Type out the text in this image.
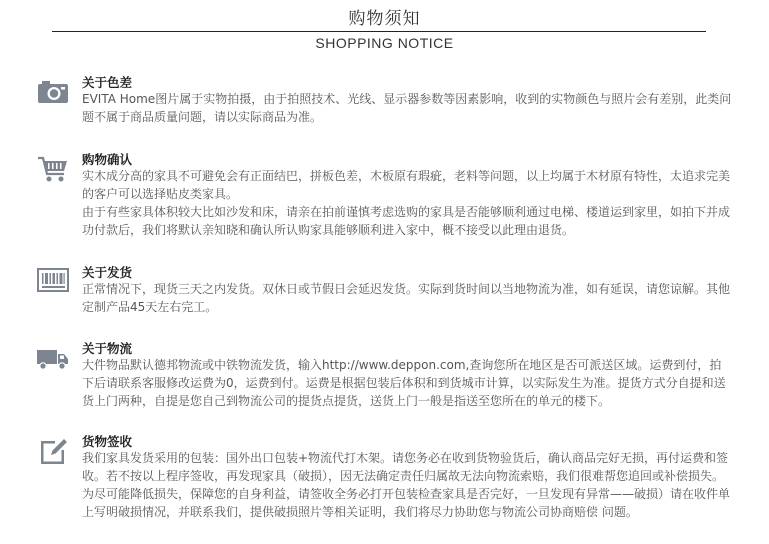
购物须知
SHOPPING NOTICE
关于色差

EVITA Home图片属于实物拍摄，由于拍照技术、光线、显示器参数等因素影响，收到的实物颜色与照片会有差别，此类问题不属于商品质量问题，请以实际商品为准。

购物确认

实木成分高的家具不可避免会有正面结巴，拼板色差，木板原有瑕疵，老料等问题，以上均属于木材原有特性，太追求完美的客户可以选择贴皮类家具。

由于有些家具体积较大比如沙发和床，请亲在拍前谨慎考虑选购的家具是否能够顺利通过电梯、楼道运到家里，如拍下并成功付款后，我们将默认亲知晓和确认所认购家具能够顺利进入家中，概不接受以此理由退货。

关于发货

正常情况下，现货三天之内发货。双休日或节假日会延迟发货。实际到货时间以当地物流为准，如有延误，请您谅解。其他定制产品45天左右完工。

关于物流

大件物品默认德邦物流或中铁物流发货，输入http://www.deppon.com,查询您所在地区是否可派送区域。运费到付，拍下后请联系客服修改运费为0，运费到付。运费是根据包装后体积和到货城市计算，以实际发生为准。提货方式分自提和送货上门两种，自提是您自己到物流公司的提货点提货，送货上门一般是指送至您所在的单元的楼下。

货物签收

我们家具发货采用的包装：国外出口包装+物流代打木架。请您务必在收到货物验货后，确认商品完好无损，再付运费和签收。若不按以上程序签收，再发现家具（破损），因无法确定责任归属故无法向物流索赔，我们很难帮您追回或补偿损失。为尽可能降低损失，保障您的自身利益，请签收全务必打开包装检查家具是否完好，一旦发现有异常——破损）请在收件单上写明破损情况，并联系我们，提供破损照片等相关证明，我们将尽力协助您与物流公司协商赔偿 问题。
